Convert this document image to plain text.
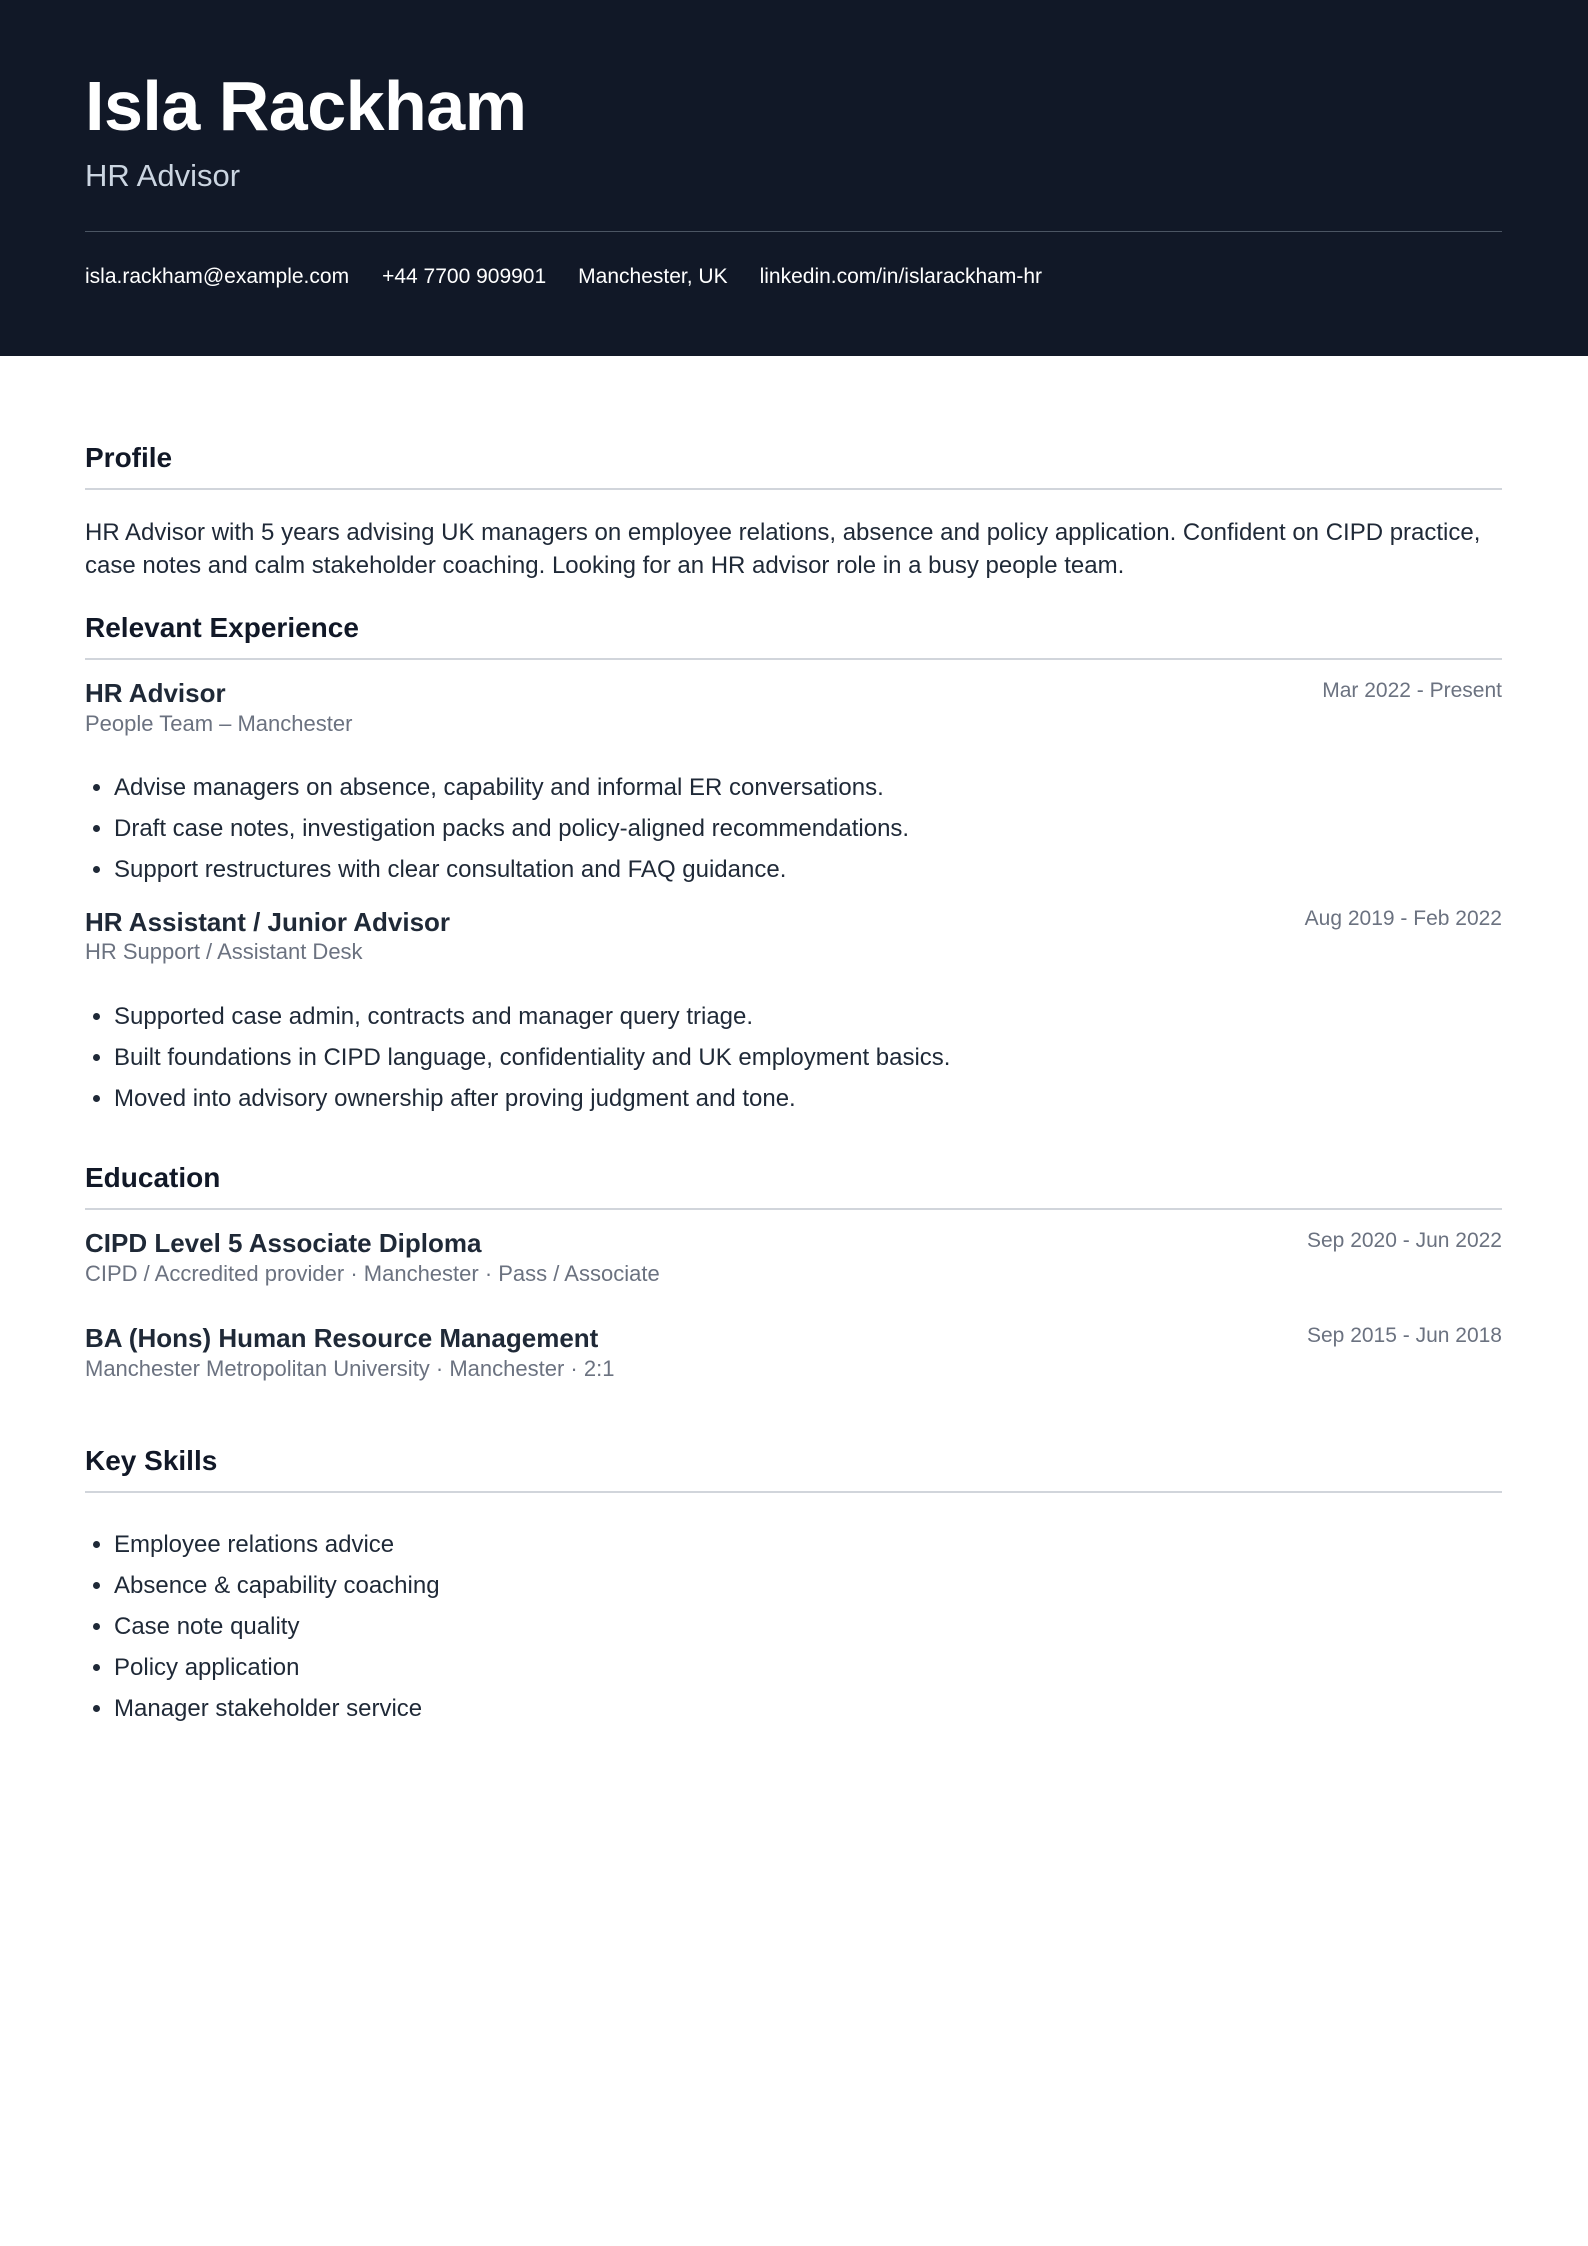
Isla Rackham
HR Advisor
isla.rackham@example.com +44 7700 909901 Manchester, UK linkedin.com/in/islarackham-hr
Profile
HR Advisor with 5 years advising UK managers on employee relations, absence and policy application. Confident on CIPD practice, case notes and calm stakeholder coaching. Looking for an HR advisor role in a busy people team.
Relevant Experience
HR Advisor	Mar 2022 - Present
People Team – Manchester
• Advise managers on absence, capability and informal ER conversations.
• Draft case notes, investigation packs and policy-aligned recommendations.
• Support restructures with clear consultation and FAQ guidance.
HR Assistant / Junior Advisor	Aug 2019 - Feb 2022
HR Support / Assistant Desk
• Supported case admin, contracts and manager query triage.
• Built foundations in CIPD language, confidentiality and UK employment basics.
• Moved into advisory ownership after proving judgment and tone.
Education
CIPD Level 5 Associate Diploma	Sep 2020 - Jun 2022
CIPD / Accredited provider · Manchester · Pass / Associate
BA (Hons) Human Resource Management	Sep 2015 - Jun 2018
Manchester Metropolitan University · Manchester · 2:1
Key Skills
• Employee relations advice
• Absence & capability coaching
• Case note quality
• Policy application
• Manager stakeholder service
